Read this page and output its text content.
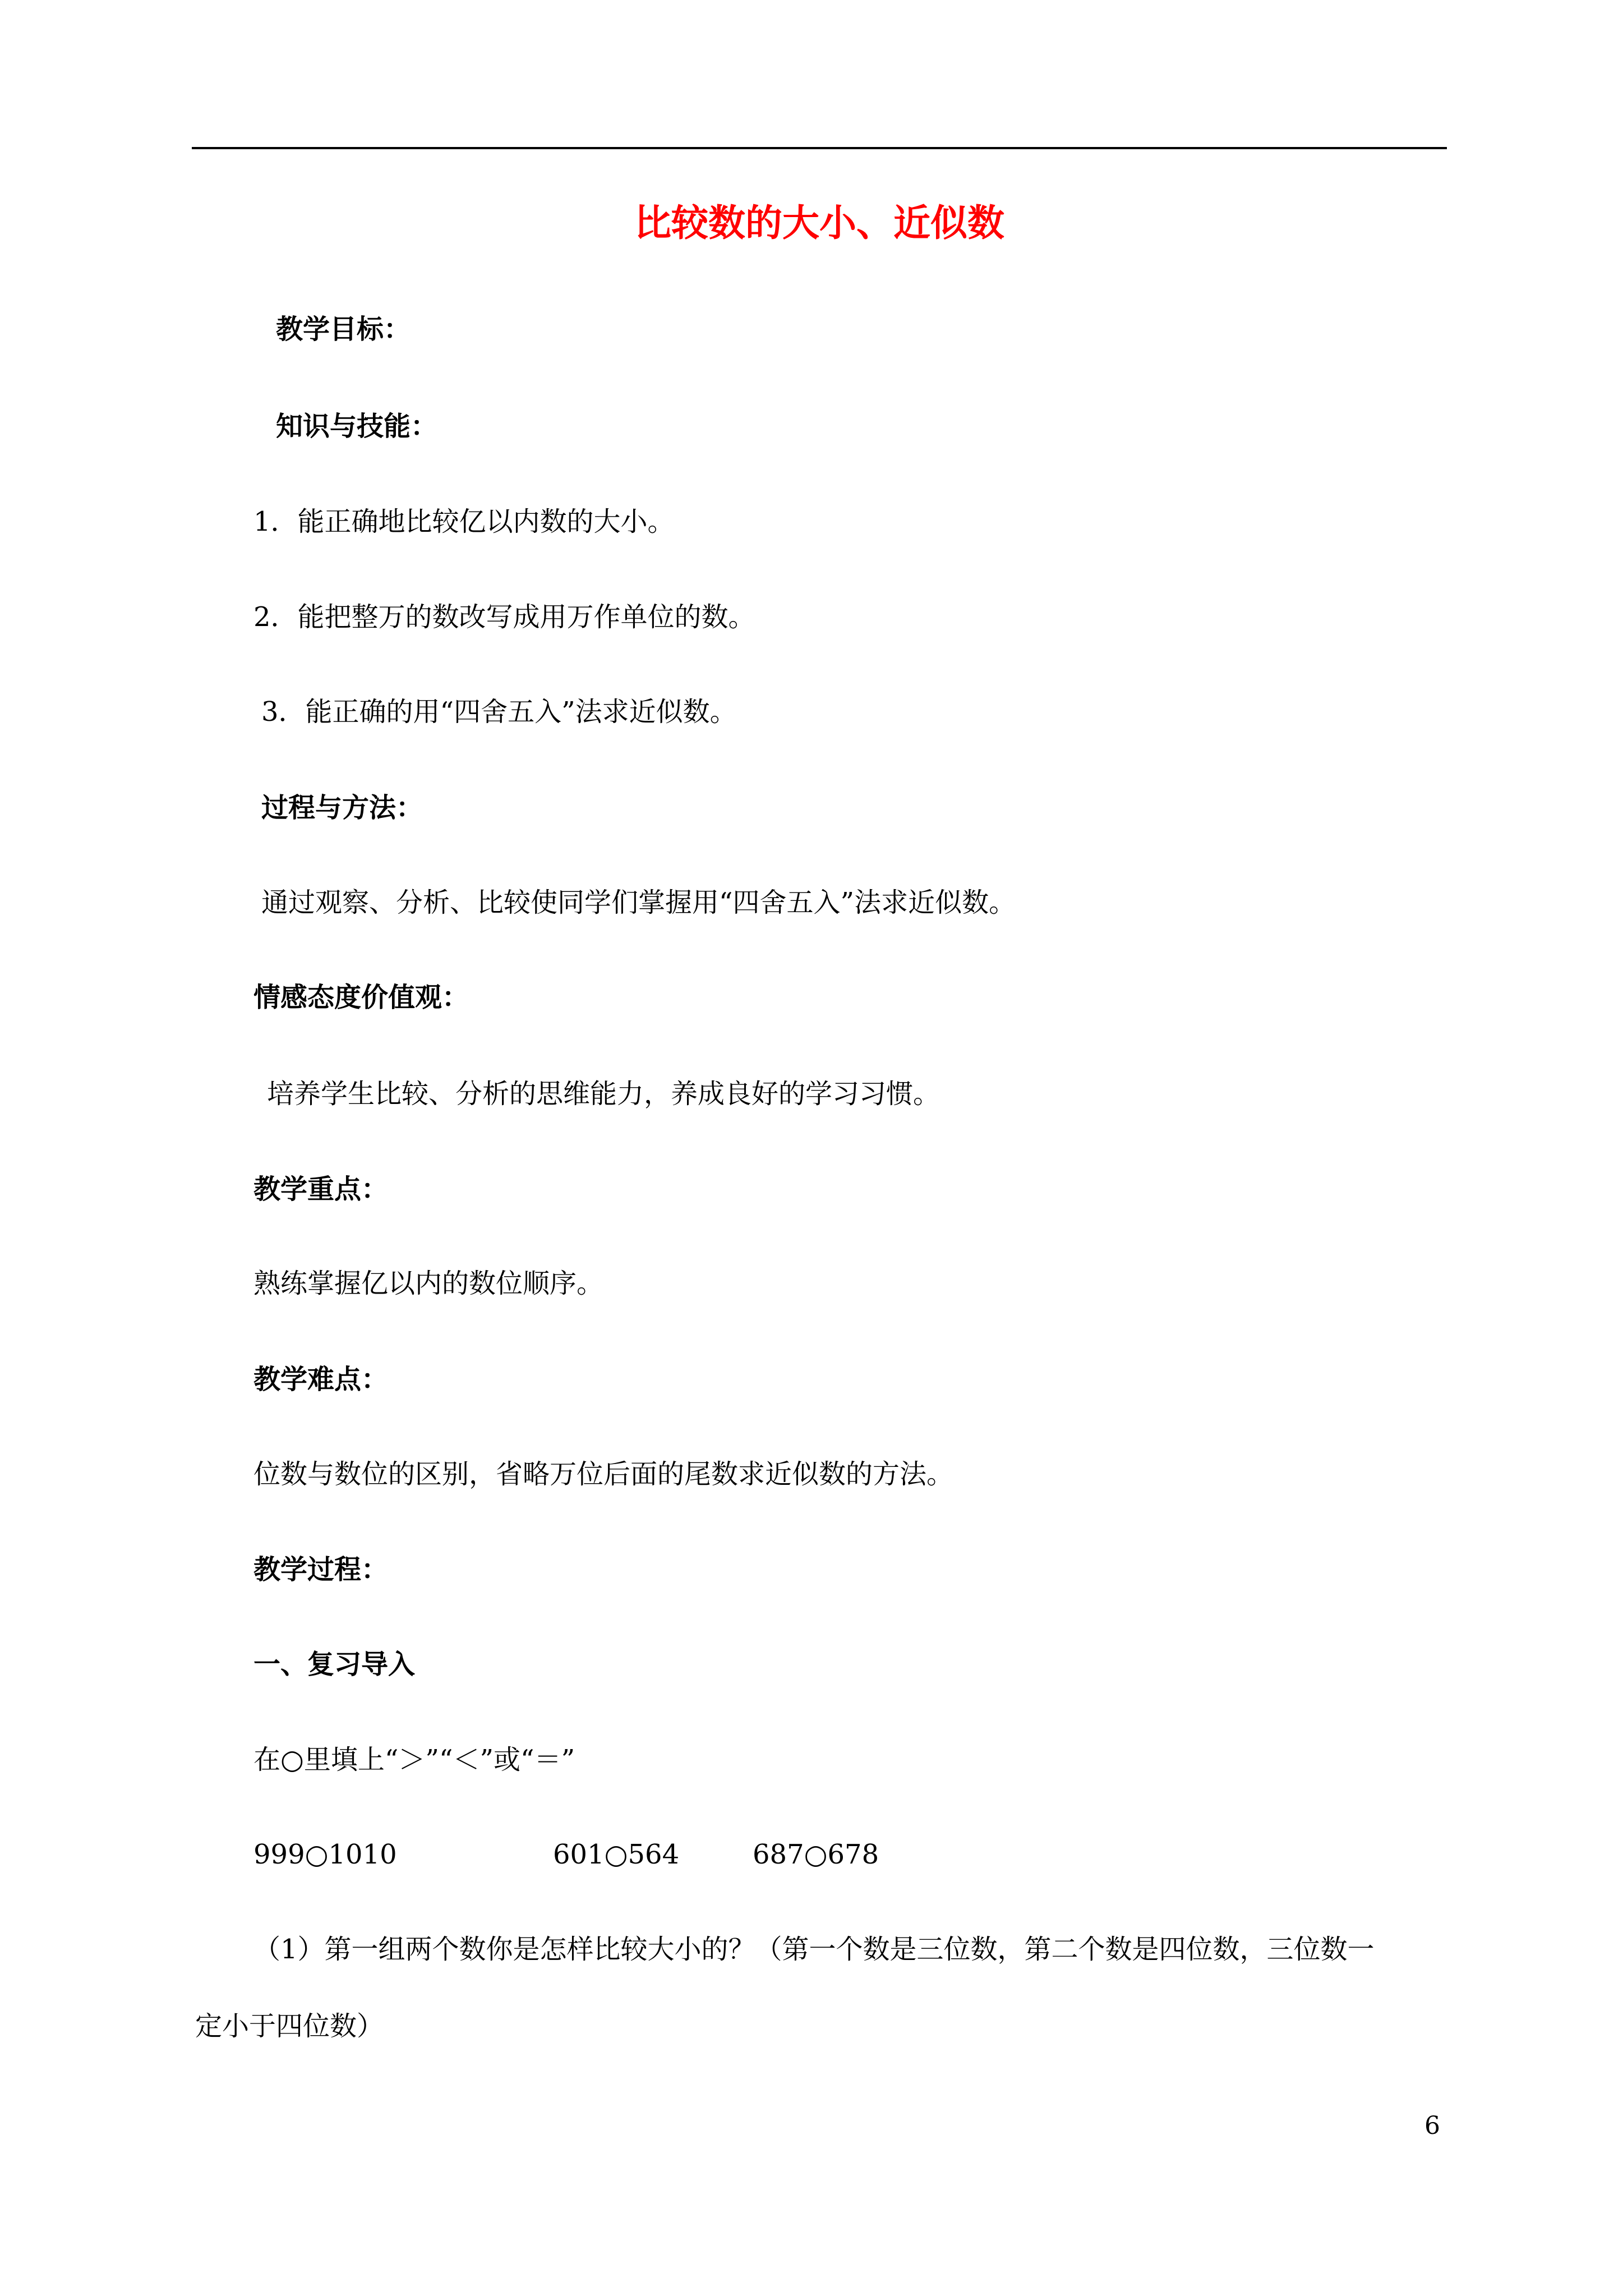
比较数的大小、近似数
教学目标：
知识与技能：
1．能正确地比较亿以内数的大小。
2．能把整万的数改写成用万作单位的数。
3．能正确的用“四舍五入”法求近似数。
过程与方法：
通过观察、分析、比较使同学们掌握用“四舍五入”法求近似数。
情感态度价值观：
培养学生比较、分析的思维能力，养成良好的学习习惯。
教学重点：
熟练掌握亿以内的数位顺序。
教学难点：
位数与数位的区别，省略万位后面的尾数求近似数的方法。
教学过程：
一、复习导入
在○里填上“＞”“＜”或“＝”
999○1010	601○564	687○678
（1）第一组两个数你是怎样比较大小的？（第一个数是三位数，第二个数是四位数，三位数一
定小于四位数）
6
